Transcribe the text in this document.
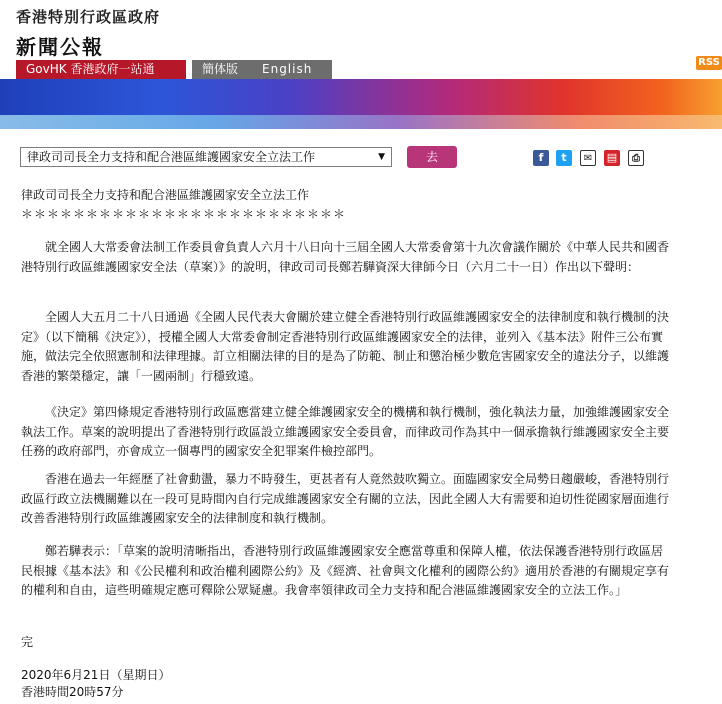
香港特別行政區政府
新聞公報
GovHK 香港政府一站通	簡体版 English	RSS
律政司司長全力支持和配合港區維護國家安全立法工作	▼	去	f	t	✉	▤	⎙
律政司司長全力支持和配合港區維護國家安全立法工作
＊＊＊＊＊＊＊＊＊＊＊＊＊＊＊＊＊＊＊＊＊＊＊＊＊
就全國人大常委會法制工作委員會負責人六月十八日向十三屆全國人大常委會第十九次會議作關於《中華人民共和國香港特別行政區維護國家安全法（草案）》的說明，律政司司長鄭若驊資深大律師今日（六月二十一日）作出以下聲明：
全國人大五月二十八日通過《全國人民代表大會關於建立健全香港特別行政區維護國家安全的法律制度和執行機制的決定》（以下簡稱《決定》），授權全國人大常委會制定香港特別行政區維護國家安全的法律，並列入《基本法》附件三公布實施，做法完全依照憲制和法律理據。訂立相關法律的目的是為了防範、制止和懲治極少數危害國家安全的違法分子，以維護香港的繁榮穩定，讓「一國兩制」行穩致遠。
《決定》第四條規定香港特別行政區應當建立健全維護國家安全的機構和執行機制，強化執法力量，加強維護國家安全執法工作。草案的說明提出了香港特別行政區設立維護國家安全委員會，而律政司作為其中一個承擔執行維護國家安全主要任務的政府部門，亦會成立一個專門的國家安全犯罪案件檢控部門。
香港在過去一年經歷了社會動盪，暴力不時發生，更甚者有人竟然鼓吹獨立。面臨國家安全局勢日趨嚴峻，香港特別行政區行政立法機關難以在一段可見時間內自行完成維護國家安全有關的立法，因此全國人大有需要和迫切性從國家層面進行改善香港特別行政區維護國家安全的法律制度和執行機制。
鄭若驊表示：「草案的說明清晰指出，香港特別行政區維護國家安全應當尊重和保障人權，依法保護香港特別行政區居民根據《基本法》和《公民權利和政治權利國際公約》及《經濟、社會與文化權利的國際公約》適用於香港的有關規定享有的權利和自由，這些明確規定應可釋除公眾疑慮。我會率領律政司全力支持和配合港區維護國家安全的立法工作。」
完
2020年6月21日（星期日）
香港時間20時57分
